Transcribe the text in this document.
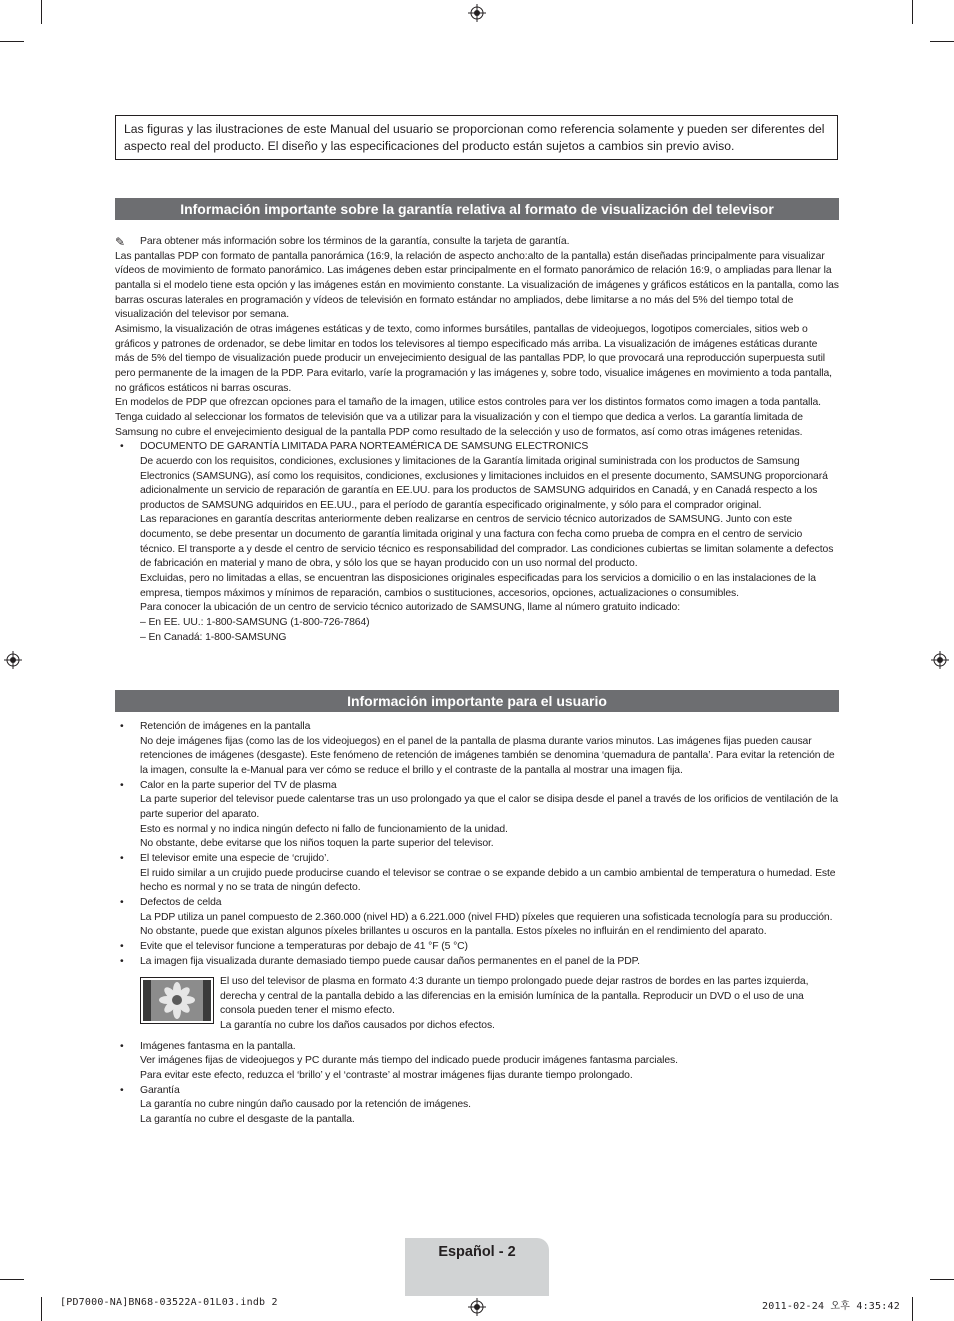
Las figuras y las ilustraciones de este Manual del usuario se proporcionan como referencia solamente y pueden ser diferentes del aspecto real del producto. El diseño y las especificaciones del producto están sujetos a cambios sin previo aviso.
Información importante sobre la garantía relativa al formato de visualización del televisor
✎	Para obtener más información sobre los términos de la garantía, consulte la tarjeta de garantía.

Las pantallas PDP con formato de pantalla panorámica (16:9, la relación de aspecto ancho:alto de la pantalla) están diseñadas principalmente para visualizar vídeos de movimiento de formato panorámico. Las imágenes deben estar principalmente en el formato panorámico de relación 16:9, o ampliadas para llenar la pantalla si el modelo tiene esta opción y las imágenes están en movimiento constante. La visualización de imágenes y gráficos estáticos en la pantalla, como las barras oscuras laterales en programación y vídeos de televisión en formato estándar no ampliados, debe limitarse a no más del 5% del tiempo total de visualización del televisor por semana.

Asimismo, la visualización de otras imágenes estáticas y de texto, como informes bursátiles, pantallas de videojuegos, logotipos comerciales, sitios web o gráficos y patrones de ordenador, se debe limitar en todos los televisores al tiempo especificado más arriba. La visualización de imágenes estáticas durante más de 5% del tiempo de visualización puede producir un envejecimiento desigual de las pantallas PDP, lo que provocará una reproducción superpuesta sutil pero permanente de la imagen de la PDP. Para evitarlo, varíe la programación y las imágenes y, sobre todo, visualice imágenes en movimiento a toda pantalla, no gráficos estáticos ni barras oscuras.

En modelos de PDP que ofrezcan opciones para el tamaño de la imagen, utilice estos controles para ver los distintos formatos como imagen a toda pantalla.

Tenga cuidado al seleccionar los formatos de televisión que va a utilizar para la visualización y con el tiempo que dedica a verlos. La garantía limitada de Samsung no cubre el envejecimiento desigual de la pantalla PDP como resultado de la selección y uso de formatos, así como otras imágenes retenidas.

•	DOCUMENTO DE GARANTÍA LIMITADA PARA NORTEAMÉRICA DE SAMSUNG ELECTRONICS

De acuerdo con los requisitos, condiciones, exclusiones y limitaciones de la Garantía limitada original suministrada con los productos de Samsung Electronics (SAMSUNG), así como los requisitos, condiciones, exclusiones y limitaciones incluidos en el presente documento, SAMSUNG proporcionará adicionalmente un servicio de reparación de garantía en EE.UU. para los productos de SAMSUNG adquiridos en Canadá, y en Canadá respecto a los productos de SAMSUNG adquiridos en EE.UU., para el período de garantía especificado originalmente, y sólo para el comprador original.

Las reparaciones en garantía descritas anteriormente deben realizarse en centros de servicio técnico autorizados de SAMSUNG. Junto con este documento, se debe presentar un documento de garantía limitada original y una factura con fecha como prueba de compra en el centro de servicio técnico. El transporte a y desde el centro de servicio técnico es responsabilidad del comprador. Las condiciones cubiertas se limitan solamente a defectos de fabricación en material y mano de obra, y sólo los que se hayan producido con un uso normal del producto.

Excluidas, pero no limitadas a ellas, se encuentran las disposiciones originales especificadas para los servicios a domicilio o en las instalaciones de la empresa, tiempos máximos y mínimos de reparación, cambios o sustituciones, accesorios, opciones, actualizaciones o consumibles.

Para conocer la ubicación de un centro de servicio técnico autorizado de SAMSUNG, llame al número gratuito indicado:

– En EE. UU.: 1-800-SAMSUNG (1-800-726-7864)

– En Canadá: 1-800-SAMSUNG

Información importante para el usuario
•	Retención de imágenes en la pantalla

No deje imágenes fijas (como las de los videojuegos) en el panel de la pantalla de plasma durante varios minutos. Las imágenes fijas pueden causar retenciones de imágenes (desgaste). Este fenómeno de retención de imágenes también se denomina ‘quemadura de pantalla’. Para evitar la retención de la imagen, consulte la e-Manual para ver cómo se reduce el brillo y el contraste de la pantalla al mostrar una imagen fija.

•	Calor en la parte superior del TV de plasma

La parte superior del televisor puede calentarse tras un uso prolongado ya que el calor se disipa desde el panel a través de los orificios de ventilación de la parte superior del aparato.

Esto es normal y no indica ningún defecto ni fallo de funcionamiento de la unidad.

No obstante, debe evitarse que los niños toquen la parte superior del televisor.

•	El televisor emite una especie de ‘crujido’.

El ruido similar a un crujido puede producirse cuando el televisor se contrae o se expande debido a un cambio ambiental de temperatura o humedad. Este hecho es normal y no se trata de ningún defecto.

•	Defectos de celda

La PDP utiliza un panel compuesto de 2.360.000 (nivel HD) a 6.221.000 (nivel FHD) píxeles que requieren una sofisticada tecnología para su producción. No obstante, puede que existan algunos píxeles brillantes u oscuros en la pantalla. Estos píxeles no influirán en el rendimiento del aparato.

•	Evite que el televisor funcione a temperaturas por debajo de 41 °F (5 °C)

•	La imagen fija visualizada durante demasiado tiempo puede causar daños permanentes en el panel de la PDP.

El uso del televisor de plasma en formato 4:3 durante un tiempo prolongado puede dejar rastros de bordes en las partes izquierda, derecha y central de la pantalla debido a las diferencias en la emisión lumínica de la pantalla. Reproducir un DVD o el uso de una consola pueden tener el mismo efecto.

La garantía no cubre los daños causados por dichos efectos.

•	Imágenes fantasma en la pantalla.

Ver imágenes fijas de videojuegos y PC durante más tiempo del indicado puede producir imágenes fantasma parciales.

Para evitar este efecto, reduzca el ‘brillo’ y el ‘contraste’ al mostrar imágenes fijas durante tiempo prolongado.

•	Garantía

La garantía no cubre ningún daño causado por la retención de imágenes.

La garantía no cubre el desgaste de la pantalla.

Español - 2
[PD7000-NA]BN68-03522A-01L03.indb 2	2011-02-24 오후 4:35:42
